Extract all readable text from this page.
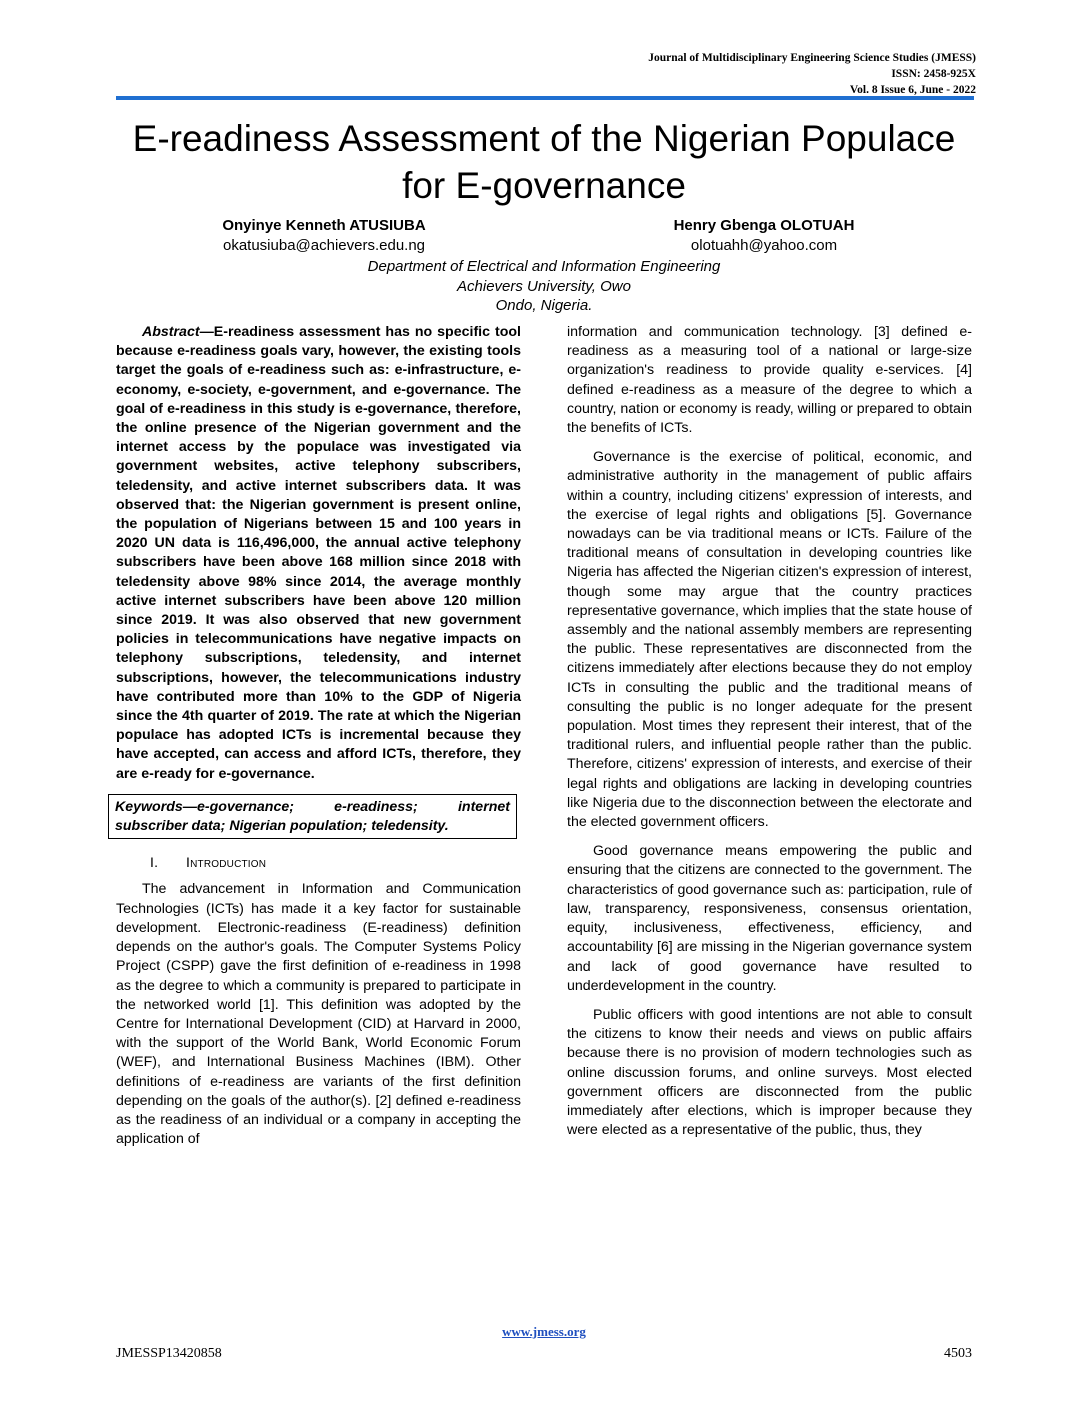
Journal of Multidisciplinary Engineering Science Studies (JMESS)
ISSN: 2458-925X
Vol. 8 Issue 6, June - 2022
E-readiness Assessment of the Nigerian Populace for E-governance
Onyinye Kenneth ATUSIUBA
okatusiuba@achievers.edu.ng
Henry Gbenga OLOTUAH
olotuahh@yahoo.com
Department of Electrical and Information Engineering
Achievers University, Owo
Ondo, Nigeria.

Abstract—E-readiness assessment has no specific tool because e-readiness goals vary, however, the existing tools target the goals of e-readiness such as: e-infrastructure, e-economy, e-society, e-government, and e-governance. The goal of e-readiness in this study is e-governance, therefore, the online presence of the Nigerian government and the internet access by the populace was investigated via government websites, active telephony subscribers, teledensity, and active internet subscribers data. It was observed that: the Nigerian government is present online, the population of Nigerians between 15 and 100 years in 2020 UN data is 116,496,000, the annual active telephony subscribers have been above 168 million since 2018 with teledensity above 98% since 2014, the average monthly active internet subscribers have been above 120 million since 2019. It was also observed that new government policies in telecommunications have negative impacts on telephony subscriptions, teledensity, and internet subscriptions, however, the telecommunications industry have contributed more than 10% to the GDP of Nigeria since the 4th quarter of 2019. The rate at which the Nigerian populace has adopted ICTs is incremental because they have accepted, can access and afford ICTs, therefore, they are e-ready for e-governance.

Keywords—e-governance; e-readiness; internet subscriber data; Nigerian population; teledensity.
I. Introduction

The advancement in Information and Communication Technologies (ICTs) has made it a key factor for sustainable development. Electronic-readiness (E-readiness) definition depends on the author's goals. The Computer Systems Policy Project (CSPP) gave the first definition of e-readiness in 1998 as the degree to which a community is prepared to participate in the networked world [1]. This definition was adopted by the Centre for International Development (CID) at Harvard in 2000, with the support of the World Bank, World Economic Forum (WEF), and International Business Machines (IBM). Other definitions of e-readiness are variants of the first definition depending on the goals of the author(s). [2] defined e-readiness as the readiness of an individual or a company in accepting the application of

information and communication technology. [3] defined e-readiness as a measuring tool of a national or large-size organization's readiness to provide quality e-services. [4] defined e-readiness as a measure of the degree to which a country, nation or economy is ready, willing or prepared to obtain the benefits of ICTs.

Governance is the exercise of political, economic, and administrative authority in the management of public affairs within a country, including citizens' expression of interests, and the exercise of legal rights and obligations [5]. Governance nowadays can be via traditional means or ICTs. Failure of the traditional means of consultation in developing countries like Nigeria has affected the Nigerian citizen's expression of interest, though some may argue that the country practices representative governance, which implies that the state house of assembly and the national assembly members are representing the public. These representatives are disconnected from the citizens immediately after elections because they do not employ ICTs in consulting the public and the traditional means of consulting the public is no longer adequate for the present population. Most times they represent their interest, that of the traditional rulers, and influential people rather than the public. Therefore, citizens' expression of interests, and exercise of their legal rights and obligations are lacking in developing countries like Nigeria due to the disconnection between the electorate and the elected government officers.

Good governance means empowering the public and ensuring that the citizens are connected to the government. The characteristics of good governance such as: participation, rule of law, transparency, responsiveness, consensus orientation, equity, inclusiveness, effectiveness, efficiency, and accountability [6] are missing in the Nigerian governance system and lack of good governance have resulted to underdevelopment in the country.

Public officers with good intentions are not able to consult the citizens to know their needs and views on public affairs because there is no provision of modern technologies such as online discussion forums, and online surveys. Most elected government officers are disconnected from the public immediately after elections, which is improper because they were elected as a representative of the public, thus, they

www.jmess.org
JMESSP13420858	4503
